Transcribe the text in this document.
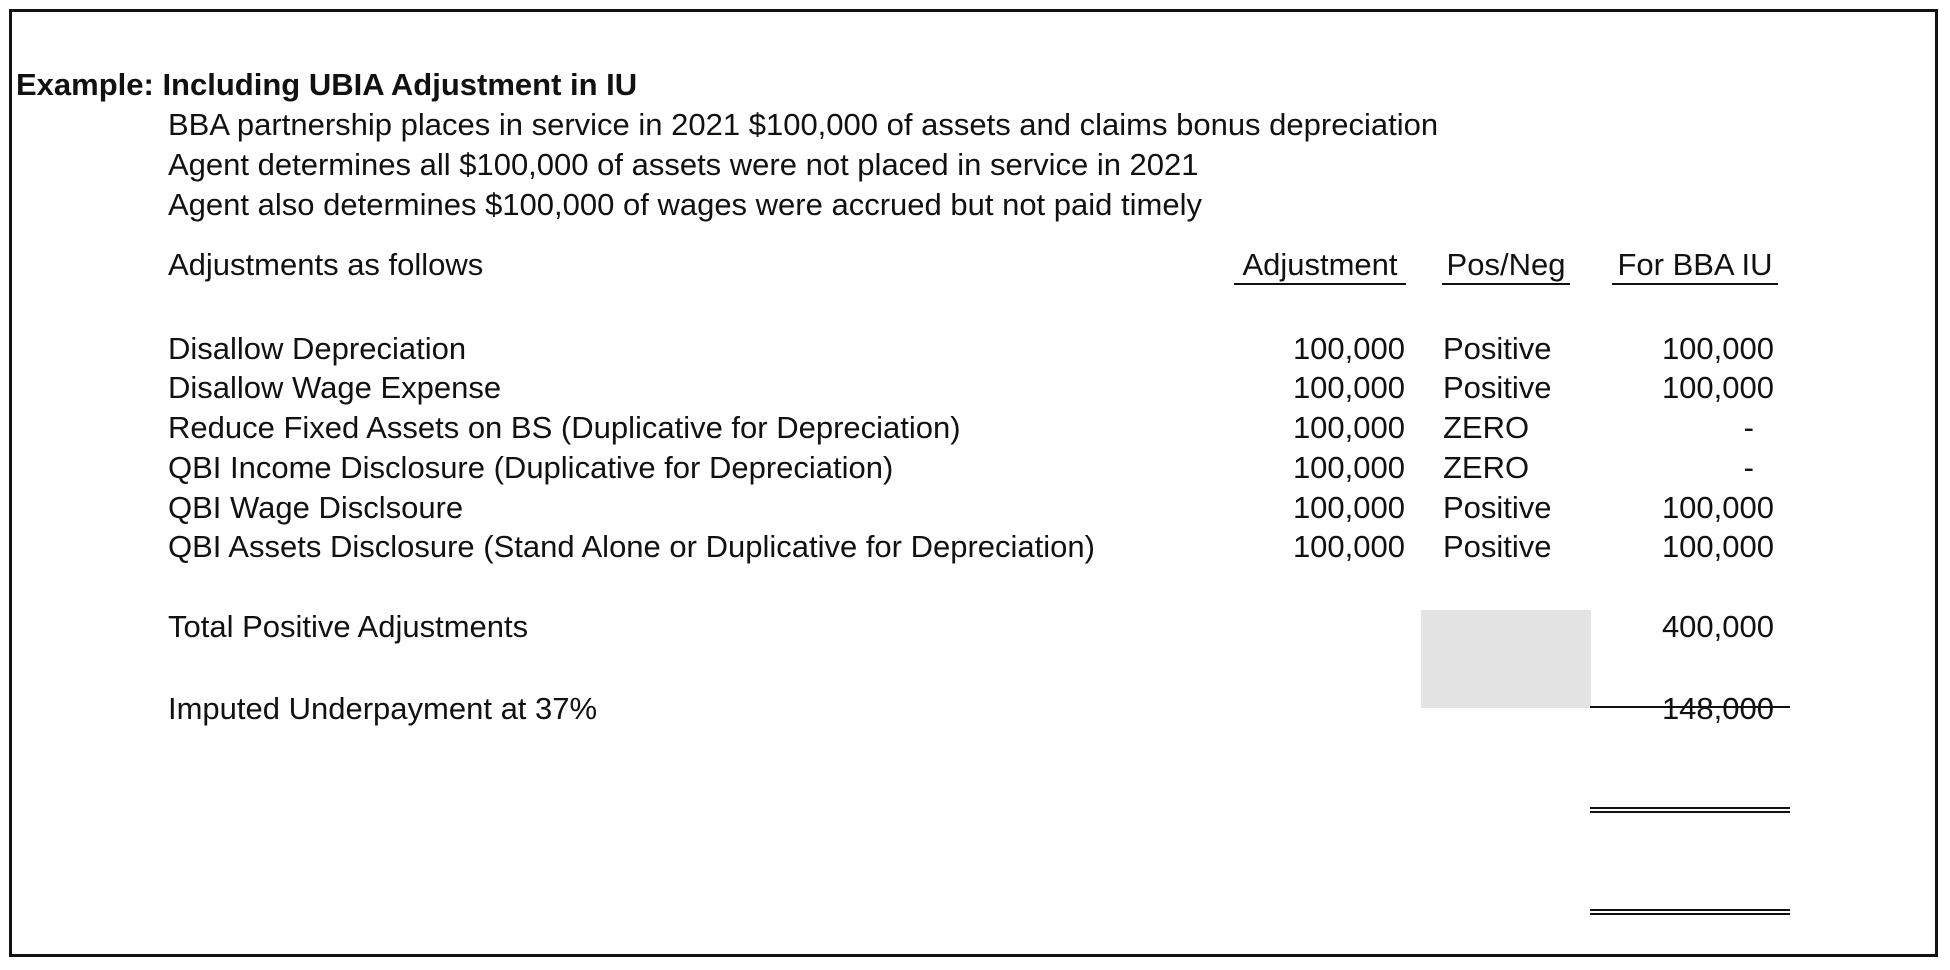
Example: Including UBIA Adjustment in IU
BBA partnership places in service in 2021 $100,000 of assets and claims bonus depreciation
Agent determines all $100,000 of assets were not placed in service in 2021
Agent also determines $100,000 of wages were accrued but not paid timely
Adjustments as follows	Adjustment Pos/Neg For BBA IU
Disallow Depreciation	100,000 Positive	100,000
Disallow Wage Expense	100,000 Positive	100,000
Reduce Fixed Assets on BS (Duplicative for Depreciation)	100,000 ZERO	-
QBI Income Disclosure (Duplicative for Depreciation)	100,000 ZERO	-
QBI Wage Disclsoure	100,000 Positive	100,000
QBI Assets Disclosure (Stand Alone or Duplicative for Depreciation)	100,000 Positive	100,000
Total Positive Adjustments	400,000
Imputed Underpayment at 37%	148,000
